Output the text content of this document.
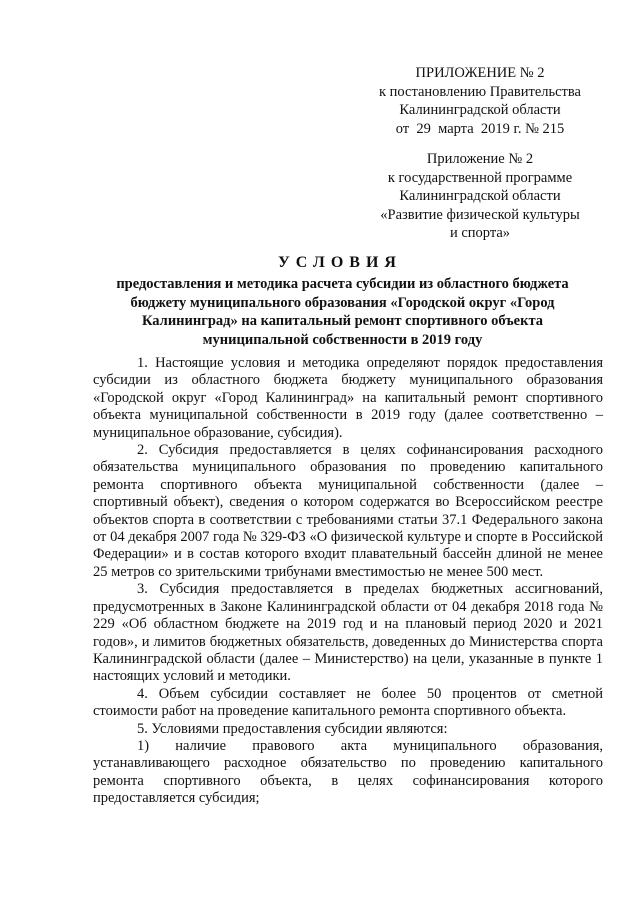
ПРИЛОЖЕНИЕ № 2
к постановлению Правительства
Калининградской области
от  29  марта  2019 г. № 215
Приложение № 2
к государственной программе
Калининградской области
«Развитие физической культуры
и спорта»
УСЛОВИЯ
предоставления и методика расчета субсидии из областного бюджета
бюджету муниципального образования «Городской округ «Город
Калининград» на капитальный ремонт спортивного объекта
муниципальной собственности в 2019 году

1. Настоящие условия и методика определяют порядок предоставления субсидии из областного бюджета бюджету муниципального образования «Городской округ «Город Калининград» на капитальный ремонт спортивного объекта муниципальной собственности в 2019 году (далее соответственно – муниципальное образование, субсидия).

2. Субсидия предоставляется в целях софинансирования расходного обязательства муниципального образования по проведению капитального ремонта спортивного объекта муниципальной собственности (далее – спортивный объект), сведения о котором содержатся во Всероссийском реестре объектов спорта в соответствии с требованиями статьи 37.1 Федерального закона от 04 декабря 2007 года № 329-ФЗ «О физической культуре и спорте в Российской Федерации» и в состав которого входит плавательный бассейн длиной не менее 25 метров со зрительскими трибунами вместимостью не менее 500 мест.

3. Субсидия предоставляется в пределах бюджетных ассигнований, предусмотренных в Законе Калининградской области от 04 декабря 2018 года № 229 «Об областном бюджете на 2019 год и на плановый период 2020 и 2021 годов», и лимитов бюджетных обязательств, доведенных до Министерства спорта Калининградской области (далее – Министерство) на цели, указанные в пункте 1 настоящих условий и методики.

4. Объем субсидии составляет не более 50 процентов от сметной стоимости работ на проведение капитального ремонта спортивного объекта.

5. Условиями предоставления субсидии являются:

1) наличие правового акта муниципального образования, устанавливающего расходное обязательство по проведению капитального ремонта спортивного объекта, в целях софинансирования которого предоставляется субсидия;
